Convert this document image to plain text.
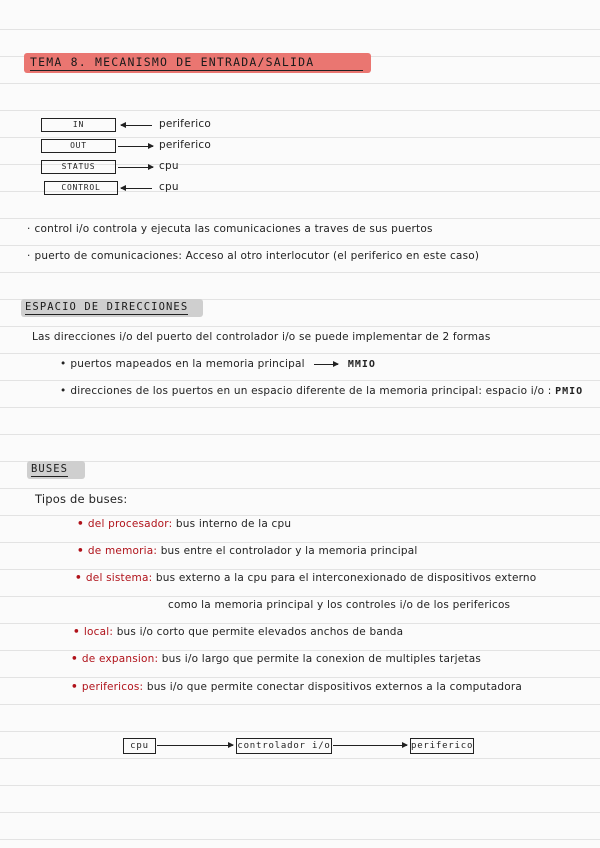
TEMA 8. MECANISMO DE ENTRADA/SALIDA
IN	periferico
OUT	periferico
STATUS	cpu
CONTROL	cpu
· control i/o controla y ejecuta las comunicaciones a traves de sus puertos
· puerto de comunicaciones: Acceso al otro interlocutor (el periferico en este caso)
ESPACIO DE DIRECCIONES
Las direcciones i/o del puerto del controlador i/o se puede implementar de 2 formas
• puertos mapeados en la memoria principal	MMIO
• direcciones de los puertos en un espacio diferente de la memoria principal: espacio i/o : PMIO
BUSES
Tipos de buses:
• del procesador: bus interno de la cpu
• de memoria: bus entre el controlador y la memoria principal
• del sistema: bus externo a la cpu para el interconexionado de dispositivos externo
como la memoria principal y los controles i/o de los perifericos
• local: bus i/o corto que permite elevados anchos de banda
• de expansion: bus i/o largo que permite la conexion de multiples tarjetas
• perifericos: bus i/o que permite conectar dispositivos externos a la computadora
cpu	controlador i/o	periferico
